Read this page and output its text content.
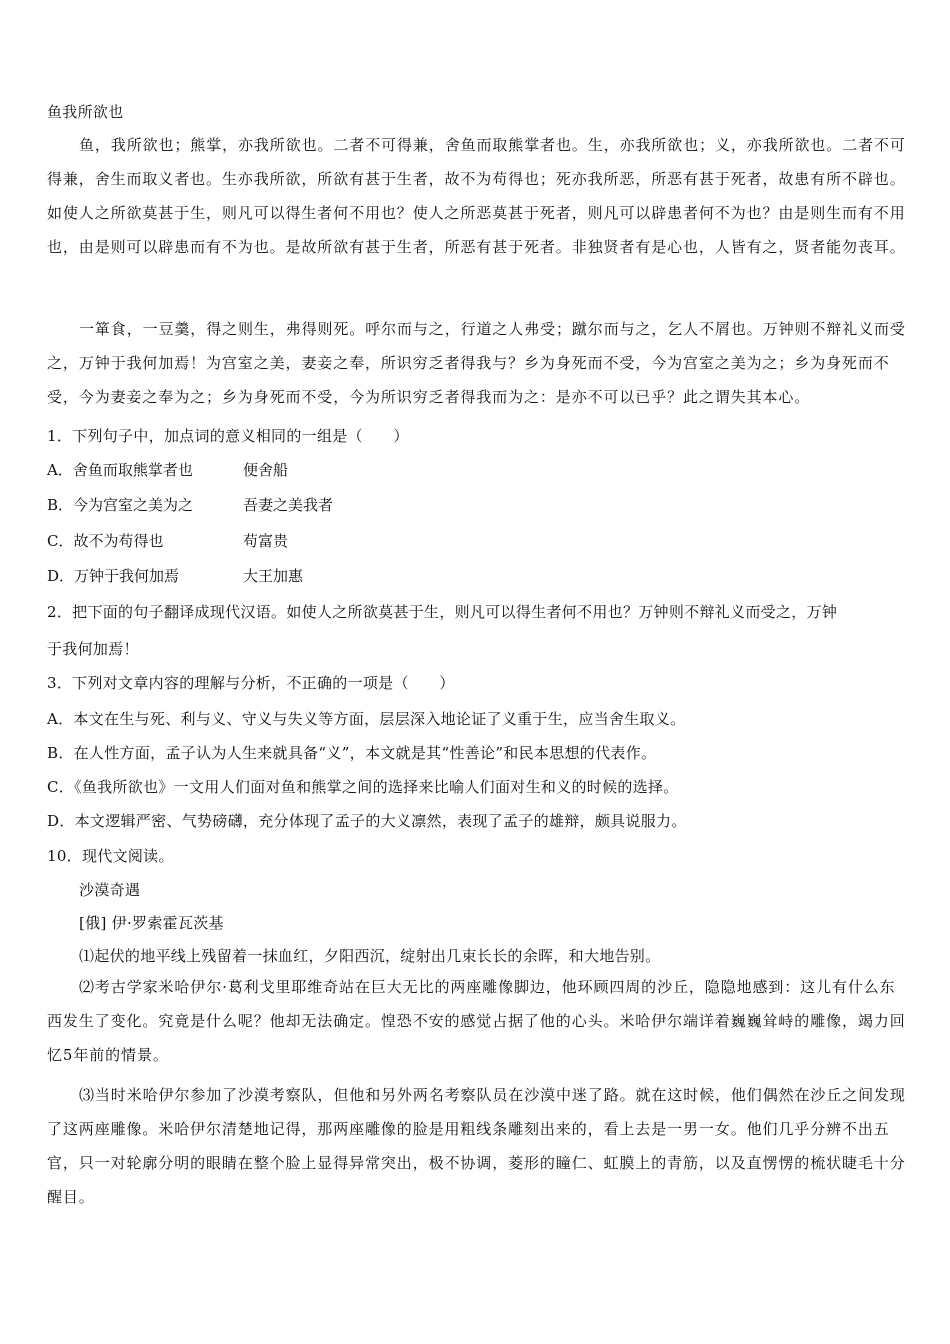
鱼我所欲也

鱼，我所欲也；熊掌，亦我所欲也。二者不可得兼，舍鱼而取熊掌者也。生，亦我所欲也；义，亦我所欲也。二者不可得兼，舍生而取义者也。生亦我所欲，所欲有甚于生者，故不为苟得也；死亦我所恶，所恶有甚于死者，故患有所不辟也。如使人之所欲莫甚于生，则凡可以得生者何不用也？使人之所恶莫甚于死者，则凡可以辟患者何不为也？由是则生而有不用也，由是则可以辟患而有不为也。是故所欲有甚于生者，所恶有甚于死者。非独贤者有是心也，人皆有之，贤者能勿丧耳。

一箪食，一豆羹，得之则生，弗得则死。呼尔而与之，行道之人弗受；蹴尔而与之，乞人不屑也。万钟则不辩礼义而受之，万钟于我何加焉！为宫室之美，妻妾之奉，所识穷乏者得我与？乡为身死而不受，今为宫室之美为之；乡为身死而不受，今为妻妾之奉为之；乡为身死而不受，今为所识穷乏者得我而为之：是亦不可以已乎？此之谓失其本心。

1．下列句子中，加点词的意义相同的一组是（　　）
A．舍鱼而取熊掌者也	便舍船
B．今为宫室之美为之	吾妻之美我者
C．故不为苟得也	苟富贵
D．万钟于我何加焉	大王加惠
2．把下面的句子翻译成现代汉语。如使人之所欲莫甚于生，则凡可以得生者何不用也？万钟则不辩礼义而受之，万钟
于我何加焉！
3．下列对文章内容的理解与分析，不正确的一项是（　　）
A．本文在生与死、利与义、守义与失义等方面，层层深入地论证了义重于生，应当舍生取义。
B．在人性方面，孟子认为人生来就具备“义”，本文就是其“性善论”和民本思想的代表作。
C．《鱼我所欲也》一文用人们面对鱼和熊掌之间的选择来比喻人们面对生和义的时候的选择。
D．本文逻辑严密、气势磅礴，充分体现了孟子的大义凛然，表现了孟子的雄辩，颇具说服力。
10．现代文阅读。
沙漠奇遇
[俄] 伊·罗索霍瓦茨基
⑴起伏的地平线上残留着一抹血红，夕阳西沉，绽射出几束长长的余晖，和大地告别。

⑵考古学家米哈伊尔·葛利戈里耶维奇站在巨大无比的两座雕像脚边，他环顾四周的沙丘，隐隐地感到：这儿有什么东西发生了变化。究竟是什么呢？他却无法确定。惶恐不安的感觉占据了他的心头。米哈伊尔端详着巍巍耸峙的雕像，竭力回忆5年前的情景。

⑶当时米哈伊尔参加了沙漠考察队，但他和另外两名考察队员在沙漠中迷了路。就在这时候，他们偶然在沙丘之间发现了这两座雕像。米哈伊尔清楚地记得，那两座雕像的脸是用粗线条雕刻出来的，看上去是一男一女。他们几乎分辨不出五官，只一对轮廓分明的眼睛在整个脸上显得异常突出，极不协调，菱形的瞳仁、虹膜上的青筋，以及直愣愣的梳状睫毛十分醒目。
